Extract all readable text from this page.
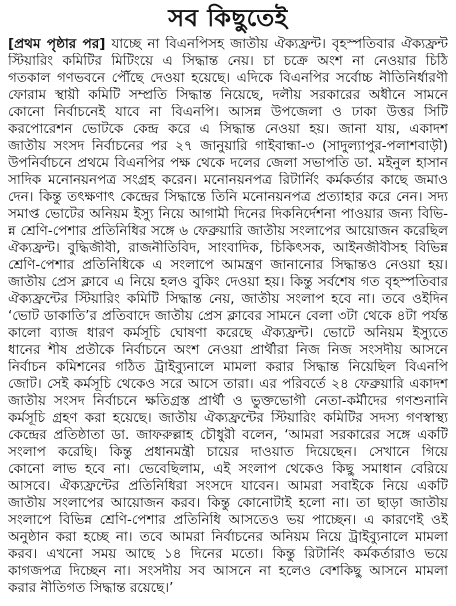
সব কিছুতেই
[প্রথম পৃষ্ঠার পর] যাচ্ছে না বিএনপিসহ জাতীয় ঐক্যফ্রন্ট। বৃহস্পতিবার ঐক্যফ্রন্ট
স্টিয়ারিং কমিটির মিটিংয়ে এ সিদ্ধান্ত নেয়। চা চক্রে অংশ না নেওয়ার চিঠি
গতকাল গণভবনে পৌঁছে দেওয়া হয়েছে। এদিকে বিএনপির সর্বোচ্চ নীতিনির্ধারণী
ফোরাম স্থায়ী কমিটি সম্প্রতি সিদ্ধান্ত নিয়েছে, দলীয় সরকারের অধীনে সামনে
কোনো নির্বাচনেই যাবে না বিএনপি। আসন্ন উপজেলা ও ঢাকা উত্তর সিটি
করপোরেশন ভোটকে কেন্দ্র করে এ সিদ্ধান্ত নেওয়া হয়। জানা যায়, একাদশ
জাতীয় সংসদ নির্বাচনের পর ২৭ জানুয়ারি গাইবান্ধা-৩ (সাদুল্যাপুর-পলাশবাড়ী)
উপনির্বাচনে প্রথমে বিএনপির পক্ষ থেকে দলের জেলা সভাপতি ডা. মইনুল হাসান
সাদিক মনোনয়নপত্র সংগ্রহ করেন। মনোনয়নপত্র রিটার্নিং কর্মকর্তার কাছে জমাও
দেন। কিন্তু তৎক্ষণাৎ কেন্দ্রের সিদ্ধান্তে তিনি মনোনয়নপত্র প্রত্যাহার করে নেন। সদ্য
সমাপ্ত ভোটের অনিয়ম ইস্যু নিয়ে আগামী দিনের দিকনির্দেশনা পাওয়ার জন্য বিভি-
ন্ন শ্রেণি-পেশার প্রতিনিধির সঙ্গে ৬ ফেব্রুয়ারি জাতীয় সংলাপের আয়োজন করেছিল
ঐক্যফ্রন্ট। বুদ্ধিজীবী, রাজনীতিবিদ, সাংবাদিক, চিকিৎসক, আইনজীবীসহ বিভিন্ন
শ্রেণি-পেশার প্রতিনিধিকে এ সংলাপে আমন্ত্রণ জানানোর সিদ্ধান্তও নেওয়া হয়।
জাতীয় প্রেস ক্লাবে এ নিয়ে হলও বুকিং দেওয়া হয়। কিন্তু সর্বশেষ গত বৃহস্পতিবার
ঐক্যফ্রন্টের স্টিয়ারিং কমিটি সিদ্ধান্ত নেয়, জাতীয় সংলাপ হবে না। তবে ওইদিন
‘ভোট ডাকাতি’র প্রতিবাদে জাতীয় প্রেস ক্লাবের সামনে বেলা ৩টা থেকে ৪টা পর্যন্ত
কালো ব্যাজ ধারণ কর্মসূচি ঘোষণা করেছে ঐক্যফ্রন্ট। ভোটে অনিয়ম ইস্যুতে
ধানের শীষ প্রতীকে নির্বাচনে অংশ নেওয়া প্রার্থীরা নিজ নিজ সংসদীয় আসনে
নির্বাচন কমিশনের গঠিত ট্রাইব্যুনালে মামলা করার সিদ্ধান্ত নিয়েছিল বিএনপি
জোট। সেই কর্মসূচি থেকেও সরে আসে তারা। এর পরিবর্তে ২৪ ফেব্রুয়ারি একাদশ
জাতীয় সংসদ নির্বাচনে ক্ষতিগ্রস্ত প্রার্থী ও ভুক্তভোগী নেতা-কর্মীদের গণশুনানি
কর্মসূচি গ্রহণ করা হয়েছে। জাতীয় ঐক্যফ্রন্টের স্টিয়ারিং কমিটির সদস্য গণস্বাস্থ্য
কেন্দ্রের প্রতিষ্ঠাতা ডা. জাফরুল্লাহ চৌধুরী বলেন, ‘আমরা সরকারের সঙ্গে একটি
সংলাপ করেছি। কিন্তু প্রধানমন্ত্রী চায়ের দাওয়াত দিয়েছেন। সেখানে গিয়ে
কোনো লাভ হবে না। ভেবেছিলাম, এই সংলাপ থেকেও কিছু সমাধান বেরিয়ে
আসবে। ঐক্যফ্রন্টের প্রতিনিধিরা সংসদে যাবেন। আমরা সবাইকে নিয়ে একটি
জাতীয় সংলাপের আয়োজন করব। কিন্তু কোনোটাই হলো না। তা ছাড়া জাতীয়
সংলাপে বিভিন্ন শ্রেণি-পেশার প্রতিনিধি আসতেও ভয় পাচ্ছেন। এ কারণেই ওই
অনুষ্ঠান করা হচ্ছে না। তবে আমরা নির্বাচনের অনিয়ম নিয়ে ট্রাইব্যুনালে মামলা
করব। এখনো সময় আছে ১৪ দিনের মতো। কিন্তু রিটার্নিং কর্মকর্তারাও ভয়ে
কাগজপত্র দিচ্ছেন না। সংসদীয় সব আসনে না হলেও বেশকিছু আসনে মামলা
করার নীতিগত সিদ্ধান্ত রয়েছে।’
